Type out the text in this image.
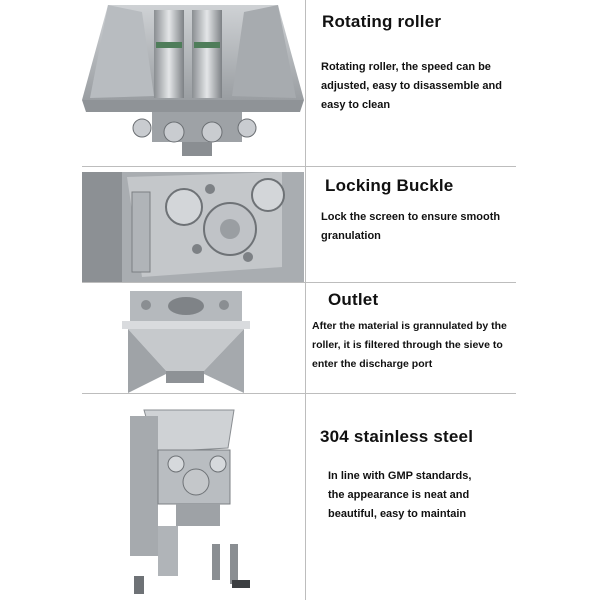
Rotating roller
Rotating roller, the speed can be
adjusted, easy to disassemble and
easy to clean
Locking Buckle
Lock the screen to ensure smooth
granulation
Outlet
After the material is grannulated by the
roller, it is filtered through the sieve to
enter the discharge port
304 stainless steel
In line with GMP standards,
the appearance is neat and
beautiful, easy to maintain
